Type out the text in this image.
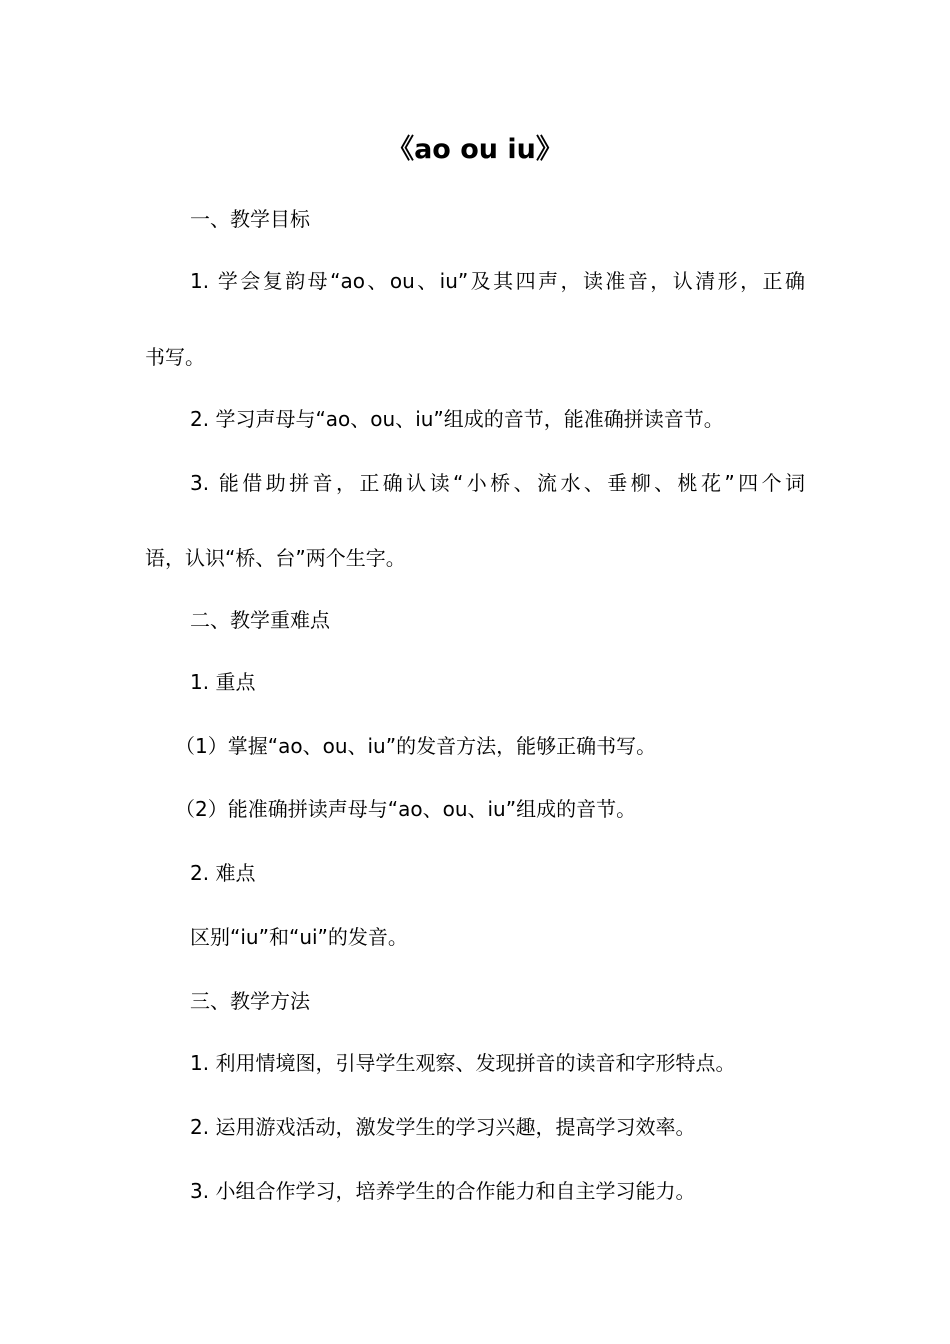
《ao ou iu》
一、教学目标
1. 学会复韵母“ao、ou、iu”及其四声，读准音，认清形，正确
书写。
2. 学习声母与“ao、ou、iu”组成的音节，能准确拼读音节。
3. 能借助拼音，正确认读“小桥、流水、垂柳、桃花”四个词
语，认识“桥、台”两个生字。
二、教学重难点
1. 重点
（1）掌握“ao、ou、iu”的发音方法，能够正确书写。
（2）能准确拼读声母与“ao、ou、iu”组成的音节。
2. 难点
区别“iu”和“ui”的发音。
三、教学方法
1. 利用情境图，引导学生观察、发现拼音的读音和字形特点。
2. 运用游戏活动，激发学生的学习兴趣，提高学习效率。
3. 小组合作学习，培养学生的合作能力和自主学习能力。
